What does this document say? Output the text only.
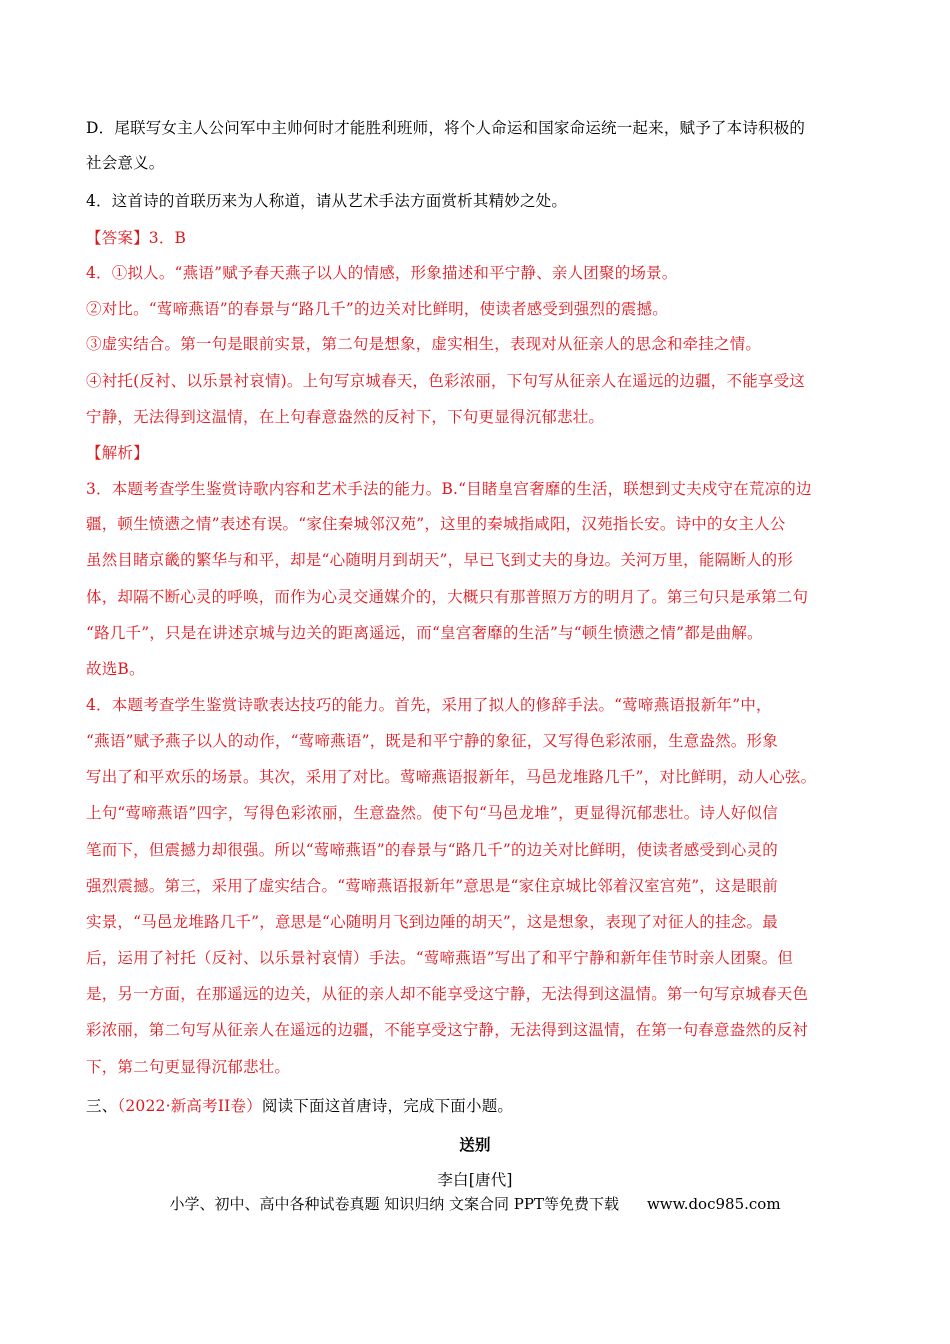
D．尾联写女主人公问军中主帅何时才能胜利班师，将个人命运和国家命运统一起来，赋予了本诗积极的
社会意义。
4．这首诗的首联历来为人称道，请从艺术手法方面赏析其精妙之处。
【答案】3．B
4．①拟人。“燕语”赋予春天燕子以人的情感，形象描述和平宁静、亲人团聚的场景。
②对比。“莺啼燕语”的春景与“路几千”的边关对比鲜明，使读者感受到强烈的震撼。
③虚实结合。第一句是眼前实景，第二句是想象，虚实相生，表现对从征亲人的思念和牵挂之情。
④衬托(反衬、以乐景衬哀情)。上句写京城春天，色彩浓丽，下句写从征亲人在遥远的边疆，不能享受这
宁静，无法得到这温情，在上句春意盎然的反衬下，下句更显得沉郁悲壮。
【解析】
3．本题考查学生鉴赏诗歌内容和艺术手法的能力。B.“目睹皇宫奢靡的生活，联想到丈夫戍守在荒凉的边
疆，顿生愤懑之情”表述有误。“家住秦城邻汉苑”，这里的秦城指咸阳，汉苑指长安。诗中的女主人公
虽然目睹京畿的繁华与和平，却是“心随明月到胡天”，早已飞到丈夫的身边。关河万里，能隔断人的形
体，却隔不断心灵的呼唤，而作为心灵交通媒介的，大概只有那普照万方的明月了。第三句只是承第二句
“路几千”，只是在讲述京城与边关的距离遥远，而“皇宫奢靡的生活”与“顿生愤懑之情”都是曲解。
故选B。
4．本题考查学生鉴赏诗歌表达技巧的能力。首先，采用了拟人的修辞手法。“莺啼燕语报新年”中，
“燕语”赋予燕子以人的动作，“莺啼燕语”，既是和平宁静的象征，又写得色彩浓丽，生意盎然。形象
写出了和平欢乐的场景。其次，采用了对比。莺啼燕语报新年，马邑龙堆路几千”，对比鲜明，动人心弦。
上句“莺啼燕语”四字，写得色彩浓丽，生意盎然。使下句“马邑龙堆”，更显得沉郁悲壮。诗人好似信
笔而下，但震撼力却很强。所以“莺啼燕语”的春景与“路几千”的边关对比鲜明，使读者感受到心灵的
强烈震撼。第三，采用了虚实结合。“莺啼燕语报新年”意思是“家住京城比邻着汉室宫苑”，这是眼前
实景，“马邑龙堆路几千”，意思是“心随明月飞到边陲的胡天”，这是想象，表现了对征人的挂念。最
后，运用了衬托（反衬、以乐景衬哀情）手法。“莺啼燕语”写出了和平宁静和新年佳节时亲人团聚。但
是，另一方面，在那遥远的边关，从征的亲人却不能享受这宁静，无法得到这温情。第一句写京城春天色
彩浓丽，第二句写从征亲人在遥远的边疆，不能享受这宁静，无法得到这温情，在第一句春意盎然的反衬
下，第二句更显得沉郁悲壮。
三、（2022·新高考II卷）阅读下面这首唐诗，完成下面小题。
送别
李白[唐代]
小学、初中、高中各种试卷真题 知识归纳 文案合同 PPT等免费下载 www.doc985.com
